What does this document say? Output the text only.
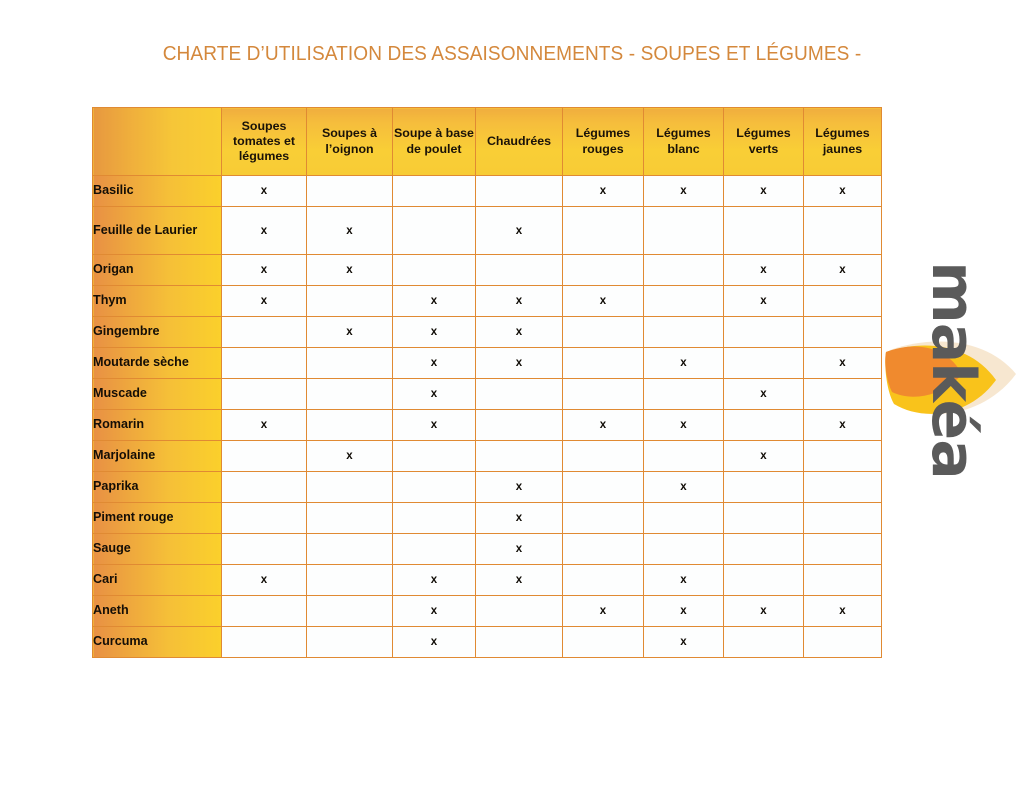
CHARTE D’UTILISATION DES ASSAISONNEMENTS - SOUPES ET LÉGUMES -
	Soupes tomates et légumes	Soupes à l’oignon	Soupe à base de poulet	Chaudrées	Légumes rouges	Légumes blanc	Légumes verts	Légumes jaunes
Basilic	x				x	x	x	x
Feuille de Laurier	x	x		x				
Origan	x	x					x	x
Thym	x		x	x	x		x	
Gingembre		x	x	x				
Moutarde sèche			x	x		x		x
Muscade			x				x	
Romarin	x		x		x	x		x
Marjolaine		x					x	
Paprika				x		x		
Piment rouge				x				
Sauge				x				
Cari	x		x	x		x		
Aneth			x		x	x	x	x
Curcuma			x			x		
makéa
